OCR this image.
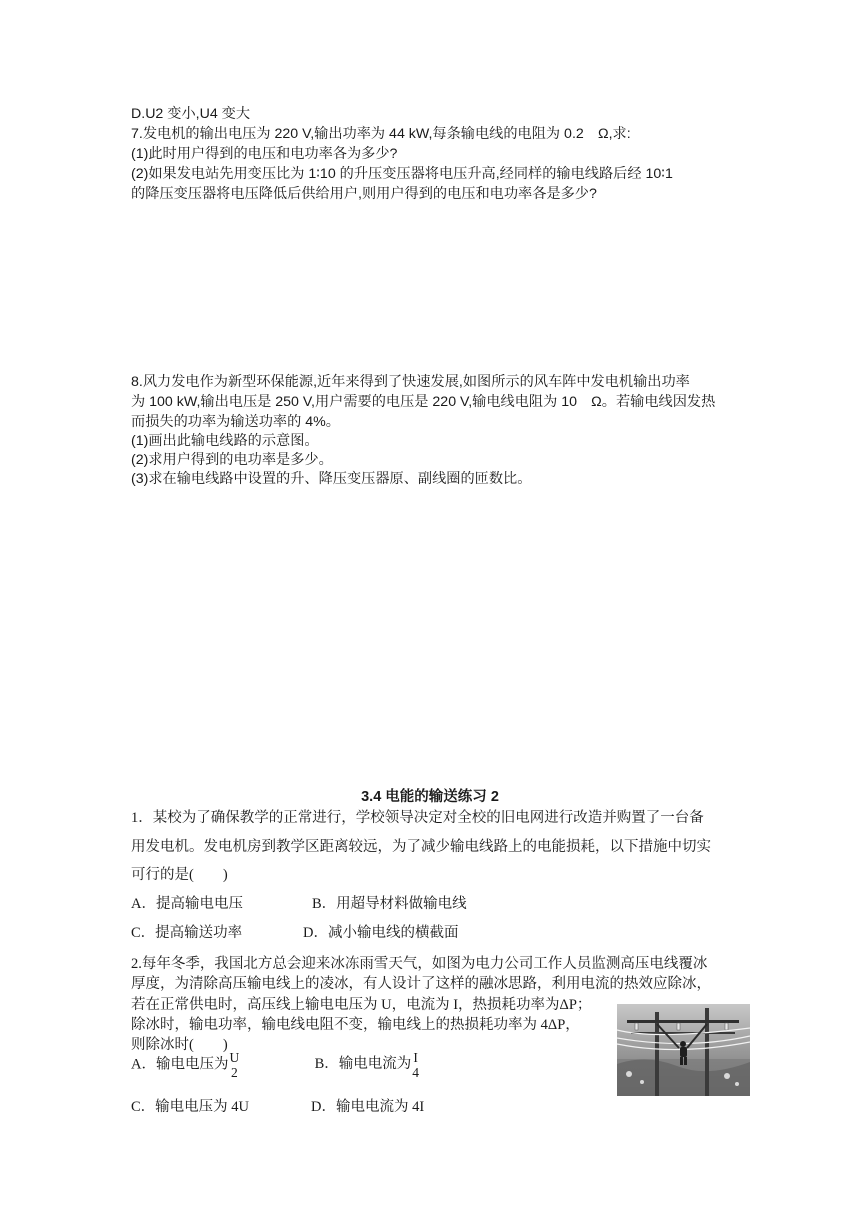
D.U2 变小,U4 变大
7.发电机的输出电压为 220 V,输出功率为 44 kW,每条输电线的电阻为 0.2　Ω,求:
(1)此时用户得到的电压和电功率各为多少?
(2)如果发电站先用变压比为 1∶10 的升压变压器将电压升高,经同样的输电线路后经 10∶1
的降压变压器将电压降低后供给用户,则用户得到的电压和电功率各是多少?
8.风力发电作为新型环保能源,近年来得到了快速发展,如图所示的风车阵中发电机输出功率
为 100 kW,输出电压是 250 V,用户需要的电压是 220 V,输电线电阻为 10　Ω。若输电线因发热
而损失的功率为输送功率的 4%。
(1)画出此输电线路的示意图。
(2)求用户得到的电功率是多少。
(3)求在输电线路中设置的升、降压变压器原、副线圈的匝数比。
3.4 电能的输送练习 2
1．某校为了确保教学的正常进行，学校领导决定对全校的旧电网进行改造并购置了一台备
用发电机。发电机房到教学区距离较远，为了减少输电线路上的电能损耗，以下措施中切实
可行的是(　　)
A．提高输电电压	B．用超导材料做输电线
C．提高输送功率	D．减小输电线的横截面
2.每年冬季，我国北方总会迎来冰冻雨雪天气，如图为电力公司工作人员监测高压电线覆冰
厚度，为清除高压输电线上的凌冰，有人设计了这样的融冰思路，利用电流的热效应除冰，
若在正常供电时，高压线上输电电压为 U，电流为 I，热损耗功率为ΔP；
除冰时，输电功率，输电线电阻不变，输电线上的热损耗功率为 4ΔP，
则除冰时(　　)
A．输电电压为 U
2
B．输电电流为 I
4
C．输电电压为 4U	D．输电电流为 4I
